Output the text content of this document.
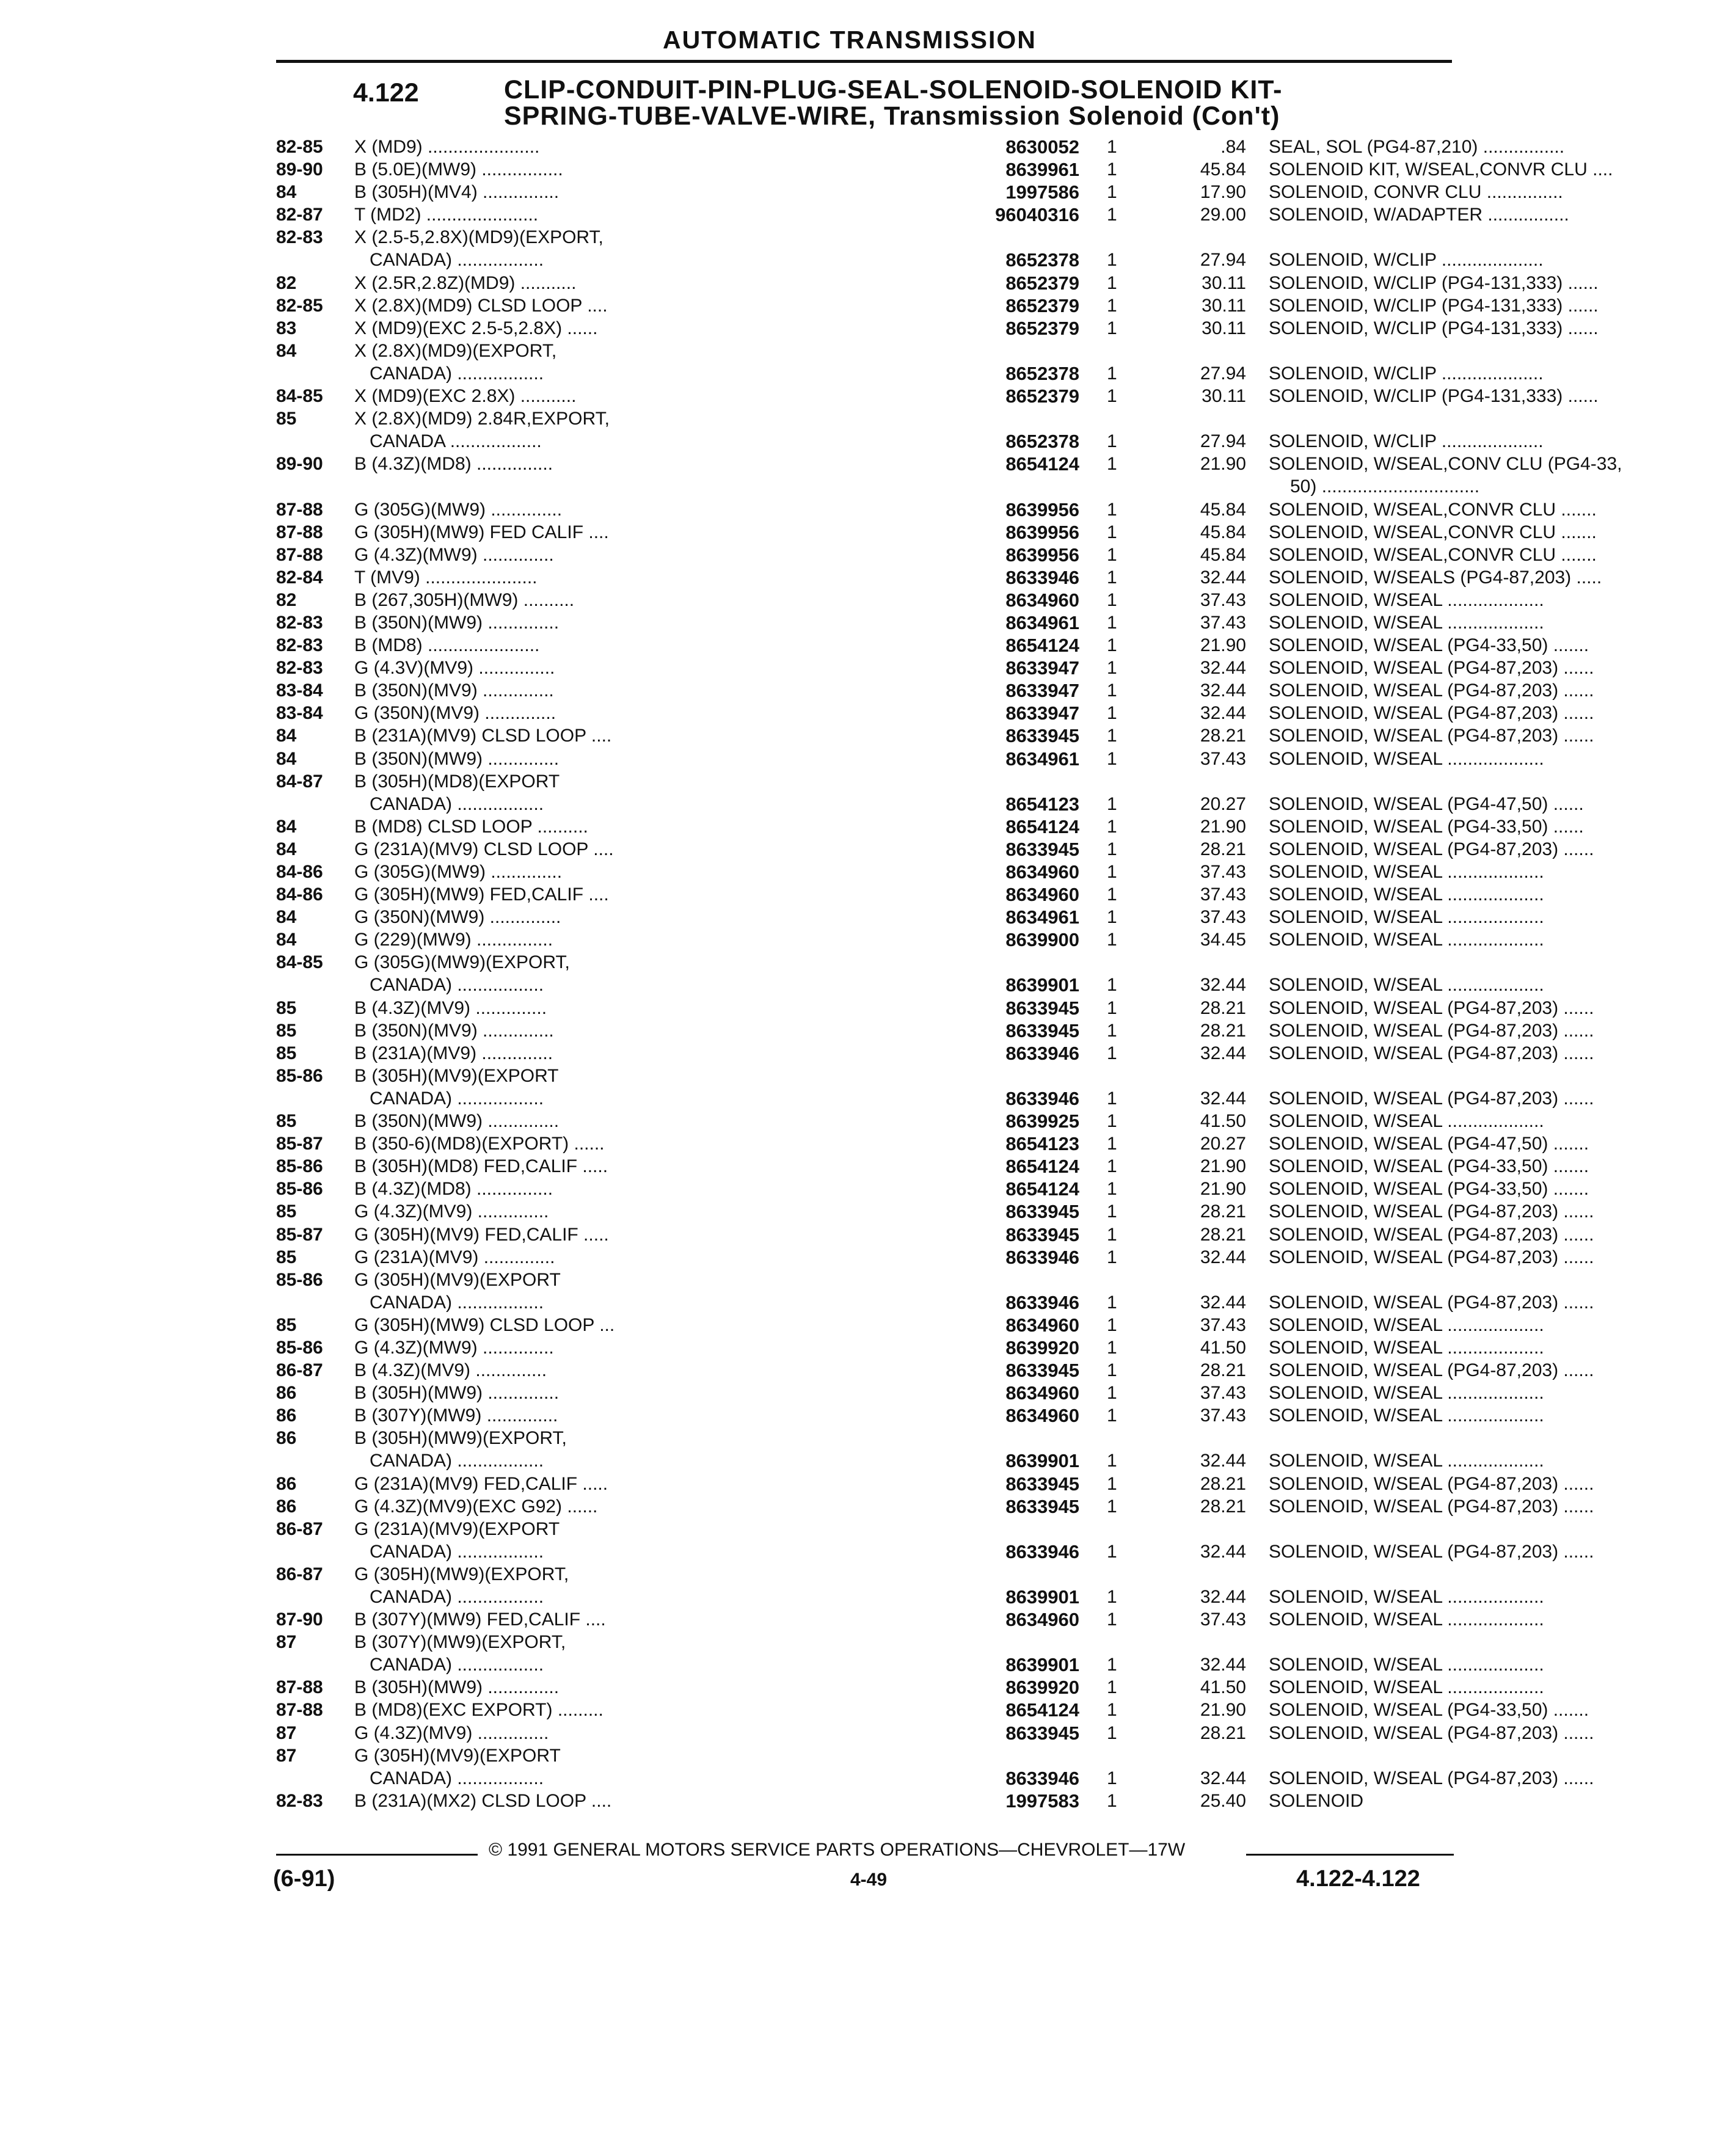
AUTOMATIC TRANSMISSION
4.122	CLIP-CONDUIT-PIN-PLUG-SEAL-SOLENOID-SOLENOID KIT-
SPRING-TUBE-VALVE-WIRE, Transmission Solenoid (Con't)
82-85 X (MD9) ......................	8630052 1	.84 SEAL, SOL (PG4-87,210) ................
89-90 B (5.0E)(MW9) ................	8639961 1	45.84 SOLENOID KIT, W/SEAL,CONVR CLU ....
84	B (305H)(MV4) ...............	1997586 1	17.90 SOLENOID, CONVR CLU ...............
82-87 T (MD2) ......................	96040316 1	29.00 SOLENOID, W/ADAPTER ................
82-83 X (2.5-5,2.8X)(MD9)(EXPORT,
CANADA) .................	8652378 1	27.94 SOLENOID, W/CLIP ....................
82	X (2.5R,2.8Z)(MD9) ...........	8652379 1	30.11 SOLENOID, W/CLIP (PG4-131,333) ......
82-85 X (2.8X)(MD9) CLSD LOOP ....	8652379 1	30.11 SOLENOID, W/CLIP (PG4-131,333) ......
83	X (MD9)(EXC 2.5-5,2.8X) ......	8652379 1	30.11 SOLENOID, W/CLIP (PG4-131,333) ......
84	X (2.8X)(MD9)(EXPORT,
CANADA) .................	8652378 1	27.94 SOLENOID, W/CLIP ....................
84-85 X (MD9)(EXC 2.8X) ...........	8652379 1	30.11 SOLENOID, W/CLIP (PG4-131,333) ......
85	X (2.8X)(MD9) 2.84R,EXPORT,
CANADA ..................	8652378 1	27.94 SOLENOID, W/CLIP ....................
89-90 B (4.3Z)(MD8) ...............	8654124 1	21.90 SOLENOID, W/SEAL,CONV CLU (PG4-33,
50) ...............................
87-88 G (305G)(MW9) ..............	8639956 1	45.84 SOLENOID, W/SEAL,CONVR CLU .......
87-88 G (305H)(MW9) FED CALIF ....	8639956 1	45.84 SOLENOID, W/SEAL,CONVR CLU .......
87-88 G (4.3Z)(MW9) ..............	8639956 1	45.84 SOLENOID, W/SEAL,CONVR CLU .......
82-84 T (MV9) ......................	8633946 1	32.44 SOLENOID, W/SEALS (PG4-87,203) .....
82	B (267,305H)(MW9) ..........	8634960 1	37.43 SOLENOID, W/SEAL ...................
82-83 B (350N)(MW9) ..............	8634961 1	37.43 SOLENOID, W/SEAL ...................
82-83 B (MD8) ......................	8654124 1	21.90 SOLENOID, W/SEAL (PG4-33,50) .......
82-83 G (4.3V)(MV9) ...............	8633947 1	32.44 SOLENOID, W/SEAL (PG4-87,203) ......
83-84 B (350N)(MV9) ..............	8633947 1	32.44 SOLENOID, W/SEAL (PG4-87,203) ......
83-84 G (350N)(MV9) ..............	8633947 1	32.44 SOLENOID, W/SEAL (PG4-87,203) ......
84	B (231A)(MV9) CLSD LOOP ....	8633945 1	28.21 SOLENOID, W/SEAL (PG4-87,203) ......
84	B (350N)(MW9) ..............	8634961 1	37.43 SOLENOID, W/SEAL ...................
84-87 B (305H)(MD8)(EXPORT
CANADA) .................	8654123 1	20.27 SOLENOID, W/SEAL (PG4-47,50) ......
84	B (MD8) CLSD LOOP ..........	8654124 1	21.90 SOLENOID, W/SEAL (PG4-33,50) ......
84	G (231A)(MV9) CLSD LOOP ....	8633945 1	28.21 SOLENOID, W/SEAL (PG4-87,203) ......
84-86 G (305G)(MW9) ..............	8634960 1	37.43 SOLENOID, W/SEAL ...................
84-86 G (305H)(MW9) FED,CALIF ....	8634960 1	37.43 SOLENOID, W/SEAL ...................
84	G (350N)(MW9) ..............	8634961 1	37.43 SOLENOID, W/SEAL ...................
84	G (229)(MW9) ...............	8639900 1	34.45 SOLENOID, W/SEAL ...................
84-85 G (305G)(MW9)(EXPORT,
CANADA) .................	8639901 1	32.44 SOLENOID, W/SEAL ...................
85	B (4.3Z)(MV9) ..............	8633945 1	28.21 SOLENOID, W/SEAL (PG4-87,203) ......
85	B (350N)(MV9) ..............	8633945 1	28.21 SOLENOID, W/SEAL (PG4-87,203) ......
85	B (231A)(MV9) ..............	8633946 1	32.44 SOLENOID, W/SEAL (PG4-87,203) ......
85-86 B (305H)(MV9)(EXPORT
CANADA) .................	8633946 1	32.44 SOLENOID, W/SEAL (PG4-87,203) ......
85	B (350N)(MW9) ..............	8639925 1	41.50 SOLENOID, W/SEAL ...................
85-87 B (350-6)(MD8)(EXPORT) ......	8654123 1	20.27 SOLENOID, W/SEAL (PG4-47,50) .......
85-86 B (305H)(MD8) FED,CALIF .....	8654124 1	21.90 SOLENOID, W/SEAL (PG4-33,50) .......
85-86 B (4.3Z)(MD8) ...............	8654124 1	21.90 SOLENOID, W/SEAL (PG4-33,50) .......
85	G (4.3Z)(MV9) ..............	8633945 1	28.21 SOLENOID, W/SEAL (PG4-87,203) ......
85-87 G (305H)(MV9) FED,CALIF .....	8633945 1	28.21 SOLENOID, W/SEAL (PG4-87,203) ......
85	G (231A)(MV9) ..............	8633946 1	32.44 SOLENOID, W/SEAL (PG4-87,203) ......
85-86 G (305H)(MV9)(EXPORT
CANADA) .................	8633946 1	32.44 SOLENOID, W/SEAL (PG4-87,203) ......
85	G (305H)(MW9) CLSD LOOP ...	8634960 1	37.43 SOLENOID, W/SEAL ...................
85-86 G (4.3Z)(MW9) ..............	8639920 1	41.50 SOLENOID, W/SEAL ...................
86-87 B (4.3Z)(MV9) ..............	8633945 1	28.21 SOLENOID, W/SEAL (PG4-87,203) ......
86	B (305H)(MW9) ..............	8634960 1	37.43 SOLENOID, W/SEAL ...................
86	B (307Y)(MW9) ..............	8634960 1	37.43 SOLENOID, W/SEAL ...................
86	B (305H)(MW9)(EXPORT,
CANADA) .................	8639901 1	32.44 SOLENOID, W/SEAL ...................
86	G (231A)(MV9) FED,CALIF .....	8633945 1	28.21 SOLENOID, W/SEAL (PG4-87,203) ......
86	G (4.3Z)(MV9)(EXC G92) ......	8633945 1	28.21 SOLENOID, W/SEAL (PG4-87,203) ......
86-87 G (231A)(MV9)(EXPORT
CANADA) .................	8633946 1	32.44 SOLENOID, W/SEAL (PG4-87,203) ......
86-87 G (305H)(MW9)(EXPORT,
CANADA) .................	8639901 1	32.44 SOLENOID, W/SEAL ...................
87-90 B (307Y)(MW9) FED,CALIF ....	8634960 1	37.43 SOLENOID, W/SEAL ...................
87	B (307Y)(MW9)(EXPORT,
CANADA) .................	8639901 1	32.44 SOLENOID, W/SEAL ...................
87-88 B (305H)(MW9) ..............	8639920 1	41.50 SOLENOID, W/SEAL ...................
87-88 B (MD8)(EXC EXPORT) .........	8654124 1	21.90 SOLENOID, W/SEAL (PG4-33,50) .......
87	G (4.3Z)(MV9) ..............	8633945 1	28.21 SOLENOID, W/SEAL (PG4-87,203) ......
87	G (305H)(MV9)(EXPORT
CANADA) .................	8633946 1	32.44 SOLENOID, W/SEAL (PG4-87,203) ......
82-83 B (231A)(MX2) CLSD LOOP ....	1997583 1	25.40 SOLENOID
© 1991 GENERAL MOTORS SERVICE PARTS OPERATIONS—CHEVROLET—17W
(6-91)	4-49	4.122-4.122
